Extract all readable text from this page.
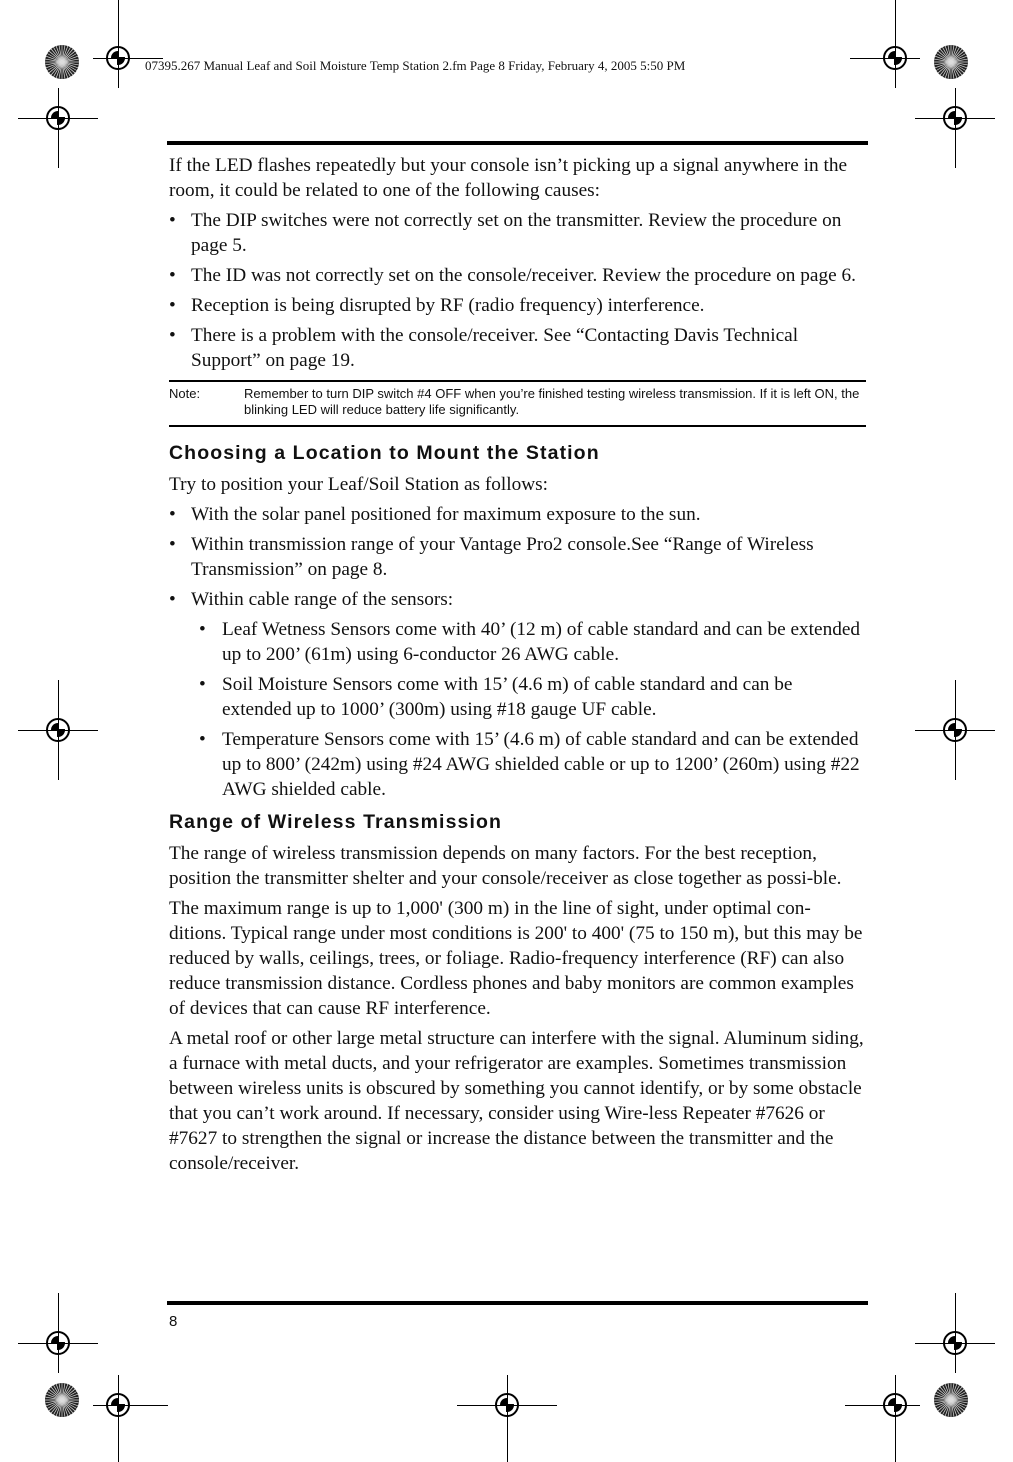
07395.267 Manual Leaf and Soil Moisture Temp Station 2.fm Page 8 Friday, February 4, 2005 5:50 PM

If the LED flashes repeatedly but your console isn’t picking up a signal anywhere in the room, it could be related to one of the following causes:

• The DIP switches were not correctly set on the transmitter. Review the procedure on page 5.
• The ID was not correctly set on the console/receiver. Review the procedure on page 6.
• Reception is being disrupted by RF (radio frequency) interference.
• There is a problem with the console/receiver. See “Contacting Davis Technical Support” on page 19.
Note:	Remember to turn DIP switch #4 OFF when you’re finished testing wireless transmission. If it is left ON, the blinking LED will reduce battery life significantly.
Choosing a Location to Mount the Station

Try to position your Leaf/Soil Station as follows:

• With the solar panel positioned for maximum exposure to the sun.
• Within transmission range of your Vantage Pro2 console.See “Range of Wireless Transmission” on page 8.
• Within cable range of the sensors:
• Leaf Wetness Sensors come with 40’ (12 m) of cable standard and can be extended up to 200’ (61m) using 6-conductor 26 AWG cable.
• Soil Moisture Sensors come with 15’ (4.6 m) of cable standard and can be extended up to 1000’ (300m) using #18 gauge UF cable.
• Temperature Sensors come with 15’ (4.6 m) of cable standard and can be extended up to 800’ (242m) using #24 AWG shielded cable or up to 1200’ (260m) using #22 AWG shielded cable.
Range of Wireless Transmission

The range of wireless transmission depends on many factors. For the best reception, position the transmitter shelter and your console/receiver as close together as possi-ble.

The maximum range is up to 1,000' (300 m) in the line of sight, under optimal con-ditions. Typical range under most conditions is 200' to 400' (75 to 150 m), but this may be reduced by walls, ceilings, trees, or foliage. Radio-frequency interference (RF) can also reduce transmission distance. Cordless phones and baby monitors are common examples of devices that can cause RF interference.

A metal roof or other large metal structure can interfere with the signal. Aluminum siding, a furnace with metal ducts, and your refrigerator are examples. Sometimes transmission between wireless units is obscured by something you cannot identify, or by some obstacle that you can’t work around. If necessary, consider using Wire-less Repeater #7626 or #7627 to strengthen the signal or increase the distance between the transmitter and the console/receiver.

8
